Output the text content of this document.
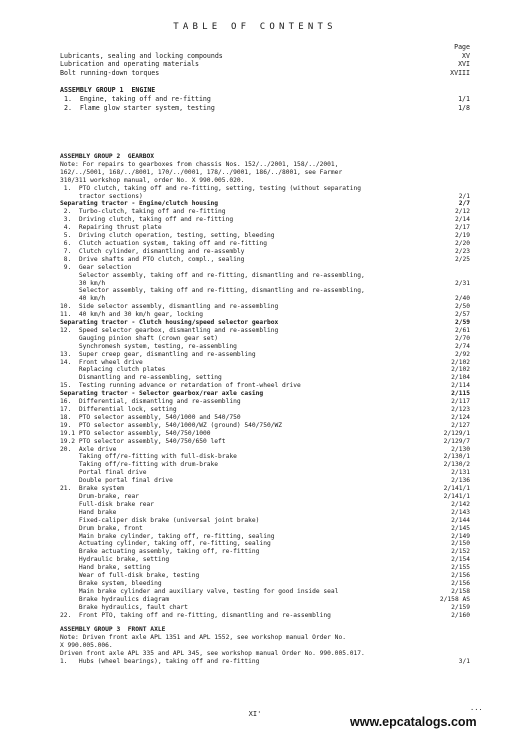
TABLE OF CONTENTS
Page
Lubricants, sealing and locking compounds	XV
Lubrication and operating materials	XVI
Bolt running-down torques	XVIII
ASSEMBLY GROUP 1  ENGINE
1.  Engine, taking off and re-fitting	1/1
2.  Flame glow starter system, testing	1/8
ASSEMBLY GROUP 2  GEARBOX
Note: For repairs to gearboxes from chassis Nos. 152/../2001, 158/../2001,
162/../5001, 168/../8001, 170/../0001, 178/../9001, 186/../8001, see Farmer
310/311 workshop manual, order No. X 990.005.020.
1.  PTO clutch, taking off and re-fitting, setting, testing (without separating
tractor sections)	2/1
Separating tractor - Engine/clutch housing	2/7
2.  Turbo-clutch, taking off and re-fitting	2/12
3.  Driving clutch, taking off and re-fitting	2/14
4.  Repairing thrust plate	2/17
5.  Driving clutch operation, testing, setting, bleeding	2/19
6.  Clutch actuation system, taking off and re-fitting	2/20
7.  Clutch cylinder, dismantling and re-assembly	2/23
8.  Drive shafts and PTO clutch, compl., sealing	2/25
9.  Gear selection
Selector assembly, taking off and re-fitting, dismantling and re-assembling,
30 km/h	2/31
Selector assembly, taking off and re-fitting, dismantling and re-assembling,
40 km/h	2/40
10.  Side selector assembly, dismantling and re-assembling	2/50
11.  40 km/h and 30 km/h gear, locking	2/57
Separating tractor - Clutch housing/speed selector gearbox	2/59
12.  Speed selector gearbox, dismantling and re-assembling	2/61
Gauging pinion shaft (crown gear set)	2/70
Synchromesh system, testing, re-assembling	2/74
13.  Super creep gear, dismantling and re-assembling	2/92
14.  Front wheel drive	2/102
Replacing clutch plates	2/102
Dismantling and re-assembling, setting	2/104
15.  Testing running advance or retardation of front-wheel drive	2/114
Separating tractor - Selector gearbox/rear axle casing	2/115
16.  Differential, dismantling and re-assembling	2/117
17.  Differential lock, setting	2/123
18.  PTO selector assembly, 540/1000 and 540/750	2/124
19.  PTO selector assembly, 540/1000/WZ (ground) 540/750/WZ	2/127
19.1 PTO selector assembly, 540/750/1000	2/129/1
19.2 PTO selector assembly, 540/750/650 left	2/129/7
20.  Axle drive	2/130
Taking off/re-fitting with full-disk-brake	2/130/1
Taking off/re-fitting with drum-brake	2/130/2
Portal final drive	2/131
Double portal final drive	2/136
21.  Brake system	2/141/1
Drum-brake, rear	2/141/1
Full-disk brake rear	2/142
Hand brake	2/143
Fixed-caliper disk brake (universal joint brake)	2/144
Drum brake, front	2/145
Main brake cylinder, taking off, re-fitting, sealing	2/149
Actuating cylinder, taking off, re-fitting, sealing	2/150
Brake actuating assembly, taking off, re-fitting	2/152
Hydraulic brake, setting	2/154
Hand brake, setting	2/155
Wear of full-disk brake, testing	2/156
Brake system, bleeding	2/156
Main brake cylinder and auxiliary valve, testing for good inside seal	2/158
Brake hydraulics diagram	2/158 AS
Brake hydraulics, fault chart	2/159
22.  Front PTO, taking off and re-fitting, dismantling and re-assembling	2/160
ASSEMBLY GROUP 3  FRONT AXLE
Note: Driven front axle APL 1351 and APL 1552, see workshop manual Order No.
X 990.005.006.
Driven front axle APL 335 and APL 345, see workshop manual Order No. 990.005.017.
1.   Hubs (wheel bearings), taking off and re-fitting	3/1
...
XI'
www.epcatalogs.com
